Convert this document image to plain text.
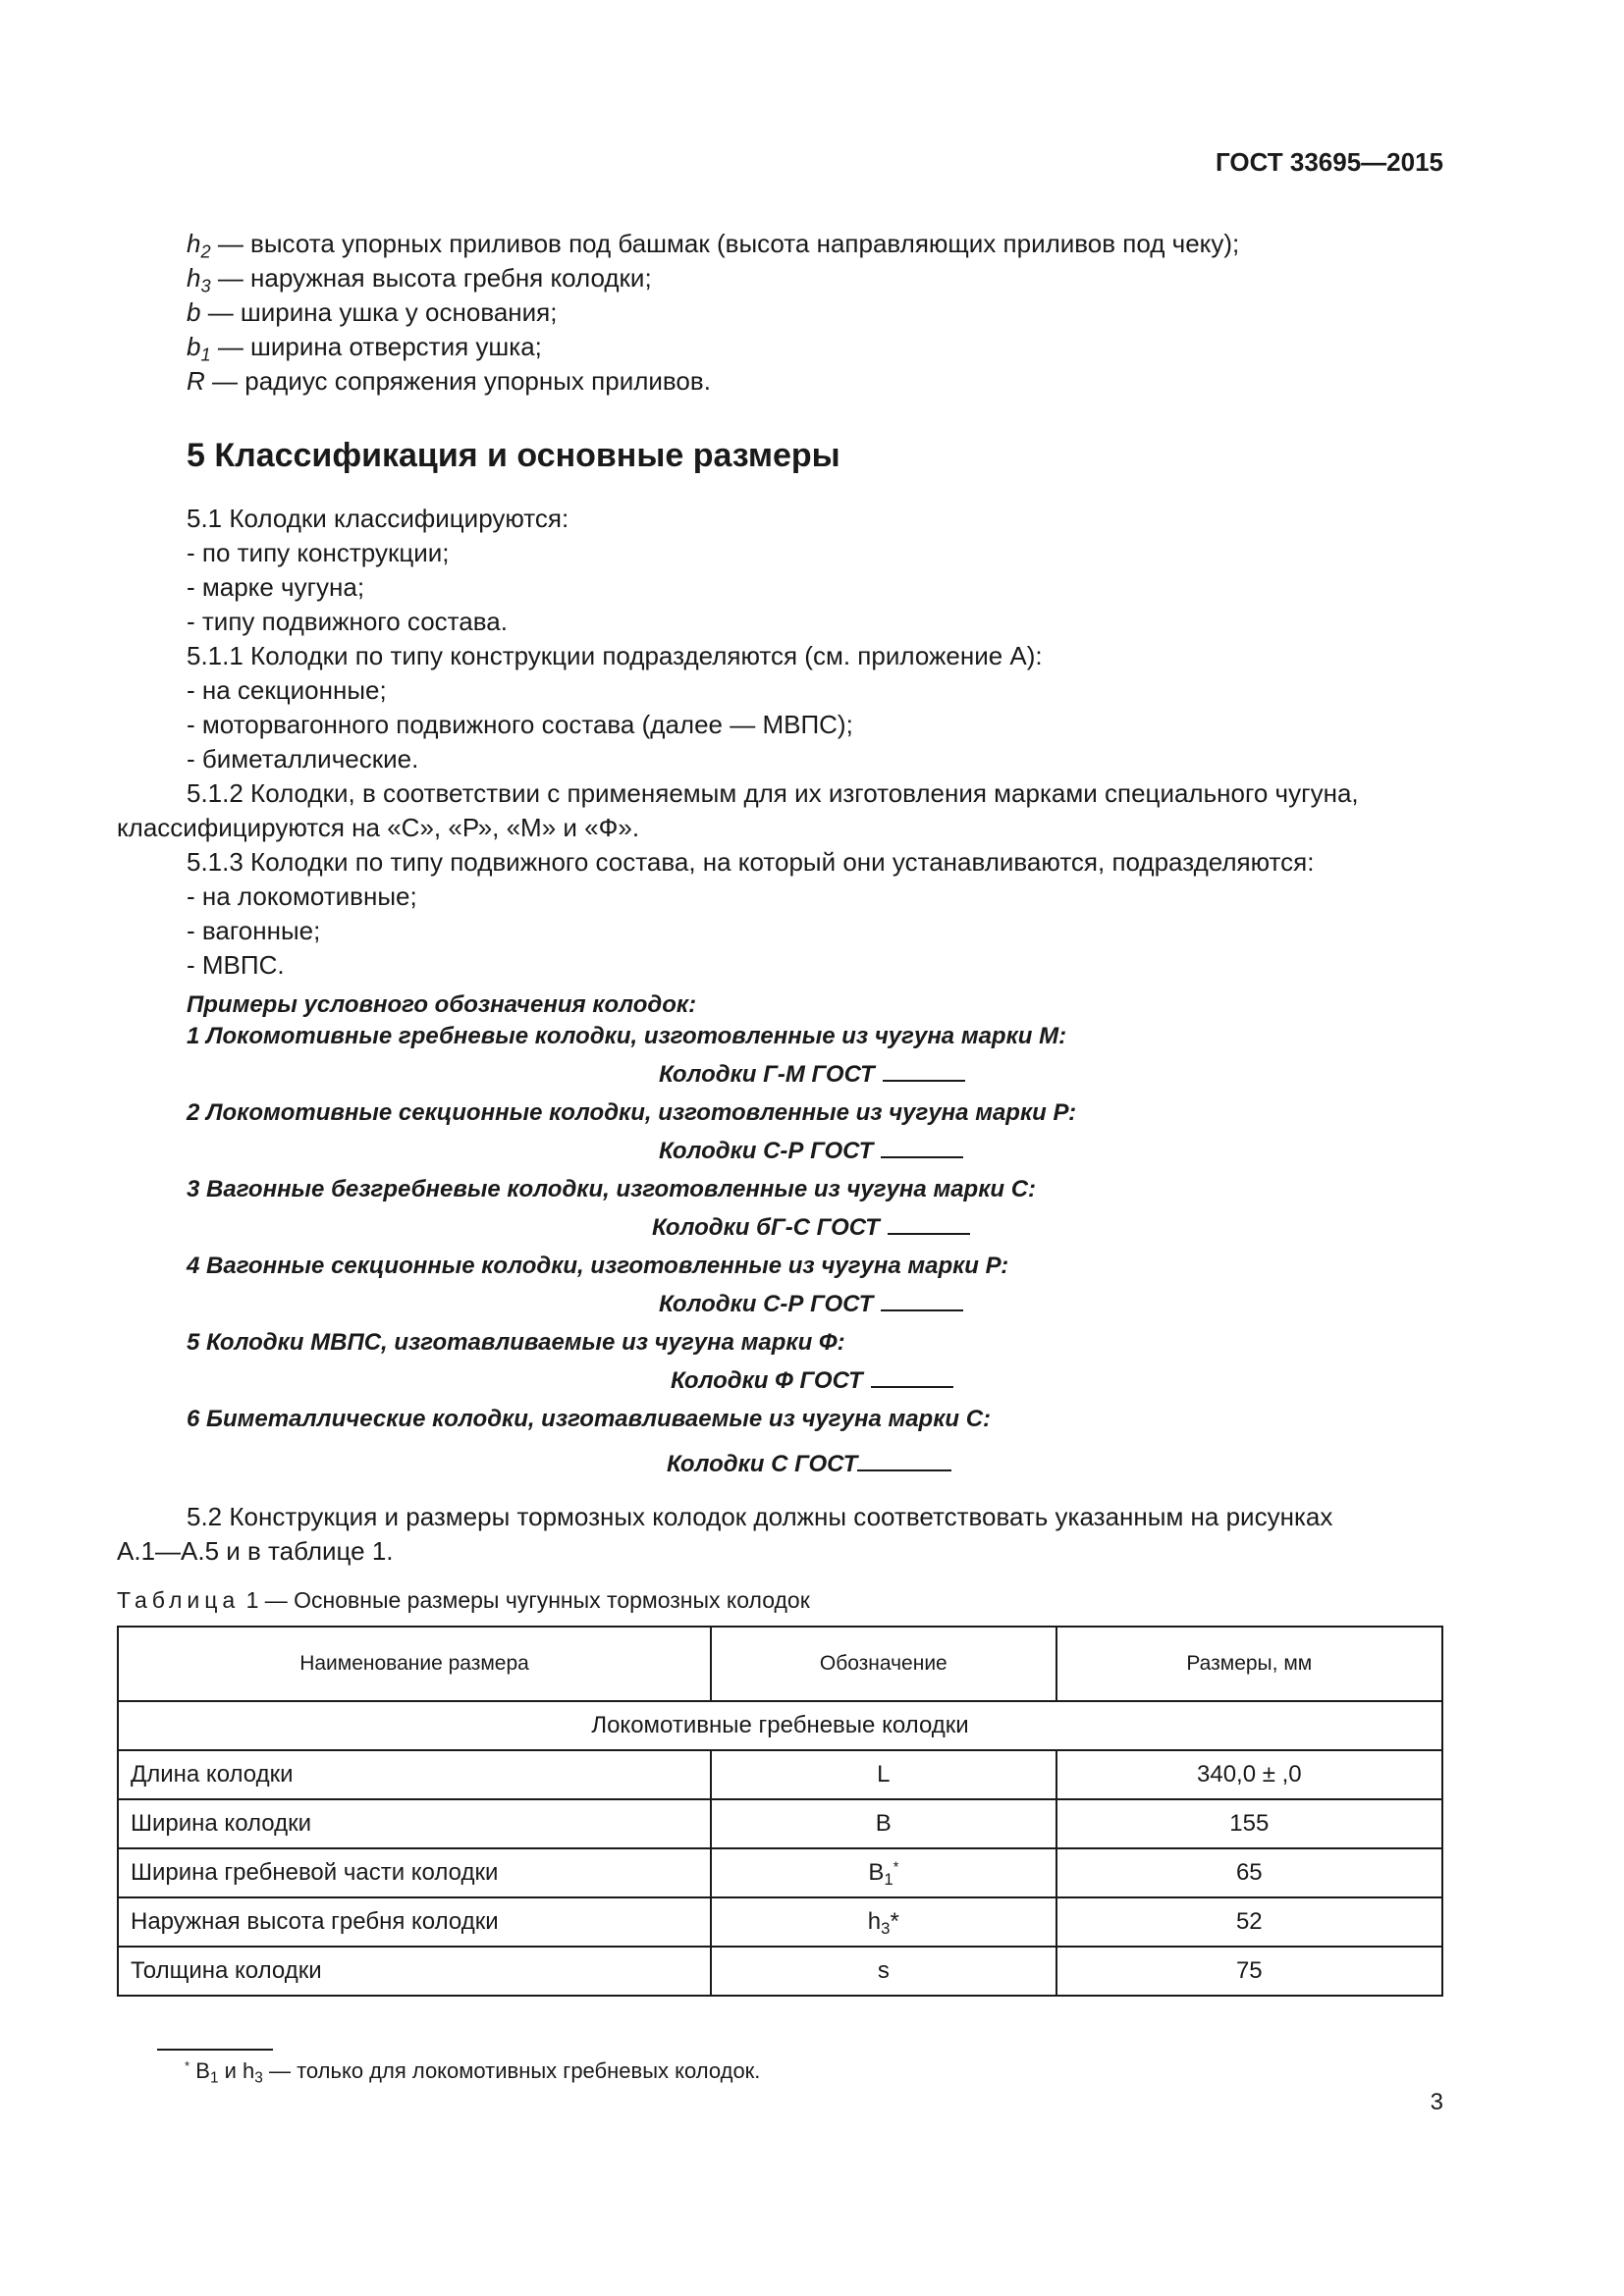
ГОСТ 33695—2015
$h_2$ — высота упорных приливов под башмак (высота направляющих приливов под чеку);
$h_3$ — наружная высота гребня колодки;
b — ширина ушка у основания;
$b_1$ — ширина отверстия ушка;
R — радиус сопряжения упорных приливов.
5 Классификация и основные размеры
5.1 Колодки классифицируются:
- по типу конструкции;
- марке чугуна;
- типу подвижного состава.
5.1.1 Колодки по типу конструкции подразделяются (см. приложение А):
- на секционные;
- моторвагонного подвижного состава (далее — МВПС);
- биметаллические.
5.1.2 Колодки, в соответствии с применяемым для их изготовления марками специального чугуна,
классифицируются на «С», «Р», «М» и «Ф».
5.1.3 Колодки по типу подвижного состава, на который они устанавливаются, подразделяются:
- на локомотивные;
- вагонные;
- МВПС.
Примеры условного обозначения колодок:
1 Локомотивные гребневые колодки, изготовленные из чугуна марки М:
Колодки Г-М ГОСТ
2 Локомотивные секционные колодки, изготовленные из чугуна марки Р:
Колодки С-Р ГОСТ
3 Вагонные безгребневые колодки, изготовленные из чугуна марки С:
Колодки бГ-С ГОСТ
4 Вагонные секционные колодки, изготовленные из чугуна марки Р:
Колодки С-Р ГОСТ
5 Колодки МВПС, изготавливаемые из чугуна марки Ф:
Колодки Ф ГОСТ
6 Биметаллические колодки, изготавливаемые из чугуна марки С:
Колодки С ГОСТ
5.2 Конструкция и размеры тормозных колодок должны соответствовать указанным на рисунках
А.1—А.5 и в таблице 1.
Таблица 1 — Основные размеры чугунных тормозных колодок
Наименование размера	Обозначение	Размеры, мм
Локомотивные гребневые колодки		
Длина колодки	L	340,0 ± ,0
Ширина колодки	B	155
Ширина гребневой части колодки	$B_1^*$	65
Наружная высота гребня колодки	$h_3*$	52
Толщина колодки	s	75
* $B_1$ и $h_3$ — только для локомотивных гребневых колодок.
3
